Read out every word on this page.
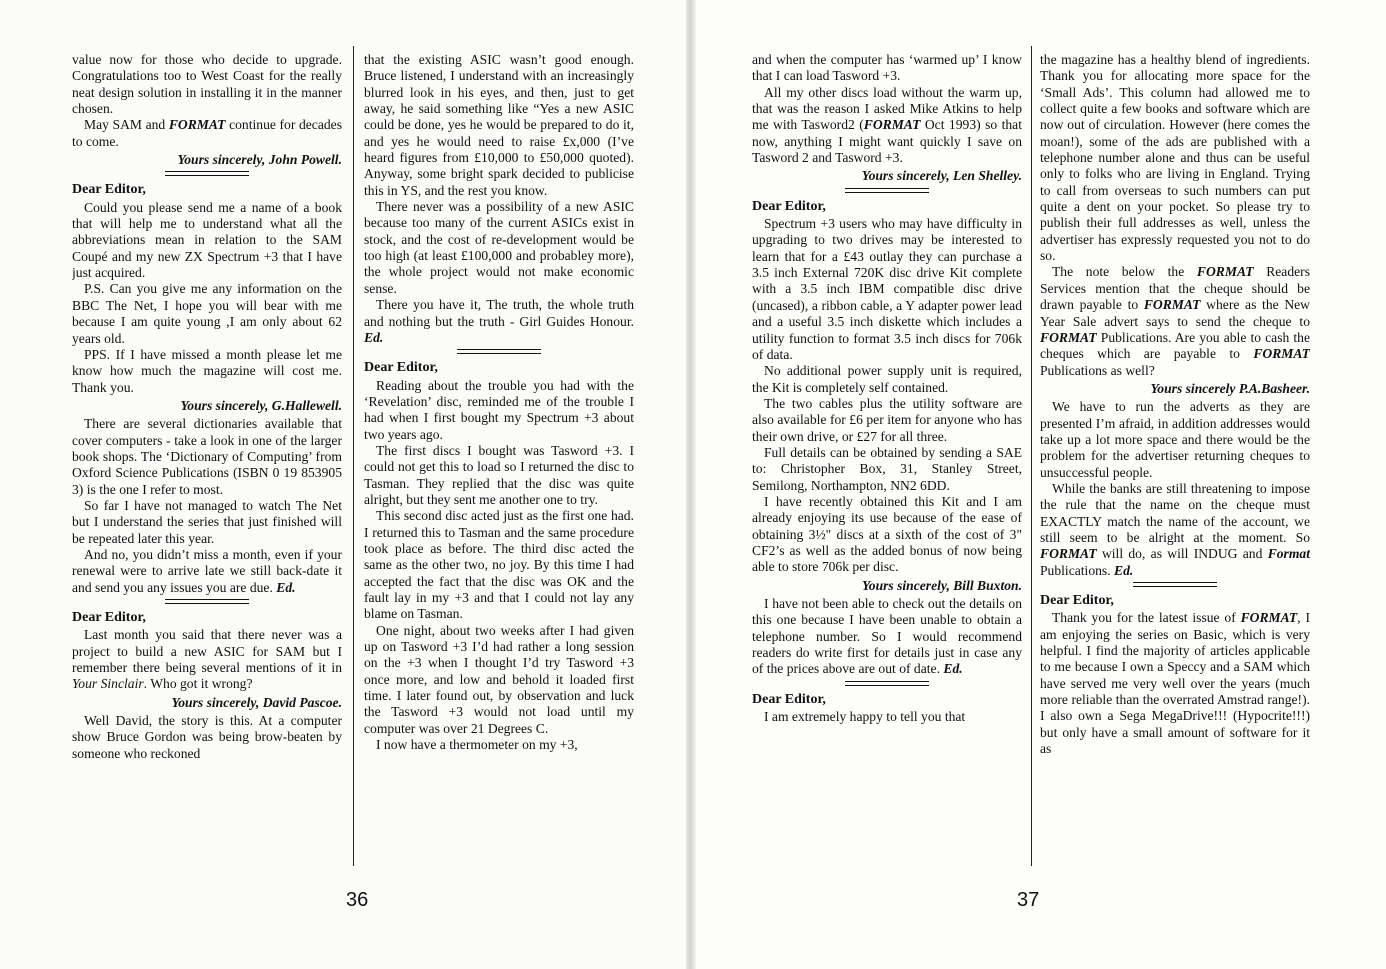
value now for those who decide to upgrade. Congratulations too to West Coast for the really neat design solution in installing it in the manner chosen.

May SAM and FORMAT continue for decades to come.

Yours sincerely, John Powell.

Dear Editor,

Could you please send me a name of a book that will help me to understand what all the abbreviations mean in relation to the SAM Coupé and my new ZX Spectrum +3 that I have just acquired.

P.S. Can you give me any information on the BBC The Net, I hope you will bear with me because I am quite young ,I am only about 62 years old.

PPS. If I have missed a month please let me know how much the magazine will cost me. Thank you.

Yours sincerely, G.Hallewell.

There are several dictionaries available that cover computers - take a look in one of the larger book shops. The ‘Dictionary of Computing’ from Oxford Science Publications (ISBN 0 19 853905 3) is the one I refer to most.

So far I have not managed to watch The Net but I understand the series that just finished will be repeated later this year.

And no, you didn’t miss a month, even if your renewal were to arrive late we still back-date it and send you any issues you are due. Ed.

Dear Editor,

Last month you said that there never was a project to build a new ASIC for SAM but I remember there being several mentions of it in Your Sinclair. Who got it wrong?

Yours sincerely, David Pascoe.

Well David, the story is this. At a computer show Bruce Gordon was being brow-beaten by someone who reckoned

that the existing ASIC wasn’t good enough. Bruce listened, I understand with an increasingly blurred look in his eyes, and then, just to get away, he said something like “Yes a new ASIC could be done, yes he would be prepared to do it, and yes he would need to raise £x,000 (I’ve heard figures from £10,000 to £50,000 quoted). Anyway, some bright spark decided to publicise this in YS, and the rest you know.

There never was a possibility of a new ASIC because too many of the current ASICs exist in stock, and the cost of re-development would be too high (at least £100,000 and probabley more), the whole project would not make economic sense.

There you have it, The truth, the whole truth and nothing but the truth - Girl Guides Honour. Ed.

Dear Editor,

Reading about the trouble you had with the ‘Revelation’ disc, reminded me of the trouble I had when I first bought my Spectrum +3 about two years ago.

The first discs I bought was Tasword +3. I could not get this to load so I returned the disc to Tasman. They replied that the disc was quite alright, but they sent me another one to try.

This second disc acted just as the first one had. I returned this to Tasman and the same procedure took place as before. The third disc acted the same as the other two, no joy. By this time I had accepted the fact that the disc was OK and the fault lay in my +3 and that I could not lay any blame on Tasman.

One night, about two weeks after I had given up on Tasword +3 I’d had rather a long session on the +3 when I thought I’d try Tasword +3 once more, and low and behold it loaded first time. I later found out, by observation and luck the Tasword +3 would not load until my computer was over 21 Degrees C.

I now have a thermometer on my +3,

36

and when the computer has ‘warmed up’ I know that I can load Tasword +3.

All my other discs load without the warm up, that was the reason I asked Mike Atkins to help me with Tasword2 (FORMAT Oct 1993) so that now, anything I might want quickly I save on Tasword 2 and Tasword +3.

Yours sincerely, Len Shelley.

Dear Editor,

Spectrum +3 users who may have difficulty in upgrading to two drives may be interested to learn that for a £43 outlay they can purchase a 3.5 inch External 720K disc drive Kit complete with a 3.5 inch IBM compatible disc drive (uncased), a ribbon cable, a Y adapter power lead and a useful 3.5 inch diskette which includes a utility function to format 3.5 inch discs for 706k of data.

No additional power supply unit is required, the Kit is completely self contained.

The two cables plus the utility software are also available for £6 per item for anyone who has their own drive, or £27 for all three.

Full details can be obtained by sending a SAE to: Christopher Box, 31, Stanley Street, Semilong, Northampton, NN2 6DD.

I have recently obtained this Kit and I am already enjoying its use because of the ease of obtaining 3½" discs at a sixth of the cost of 3" CF2’s as well as the added bonus of now being able to store 706k per disc.

Yours sincerely, Bill Buxton.

I have not been able to check out the details on this one because I have been unable to obtain a telephone number. So I would recommend readers do write first for details just in case any of the prices above are out of date. Ed.

Dear Editor,

I am extremely happy to tell you that

the magazine has a healthy blend of ingredients. Thank you for allocating more space for the ‘Small Ads’. This column had allowed me to collect quite a few books and software which are now out of circulation. However (here comes the moan!), some of the ads are published with a telephone number alone and thus can be useful only to folks who are living in England. Trying to call from overseas to such numbers can put quite a dent on your pocket. So please try to publish their full addresses as well, unless the advertiser has expressly requested you not to do so.

The note below the FORMAT Readers Services mention that the cheque should be drawn payable to FORMAT where as the New Year Sale advert says to send the cheque to FORMAT Publications. Are you able to cash the cheques which are payable to FORMAT Publications as well?

Yours sincerely P.A.Basheer.

We have to run the adverts as they are presented I’m afraid, in addition addresses would take up a lot more space and there would be the problem for the advertiser returning cheques to unsuccessful people.

While the banks are still threatening to impose the rule that the name on the cheque must EXACTLY match the name of the account, we still seem to be alright at the moment. So FORMAT will do, as will INDUG and Format Publications. Ed.

Dear Editor,

Thank you for the latest issue of FORMAT, I am enjoying the series on Basic, which is very helpful. I find the majority of articles applicable to me because I own a Speccy and a SAM which have served me very well over the years (much more reliable than the overrated Amstrad range!). I also own a Sega MegaDrive!!! (Hypocrite!!!) but only have a small amount of software for it as

37
